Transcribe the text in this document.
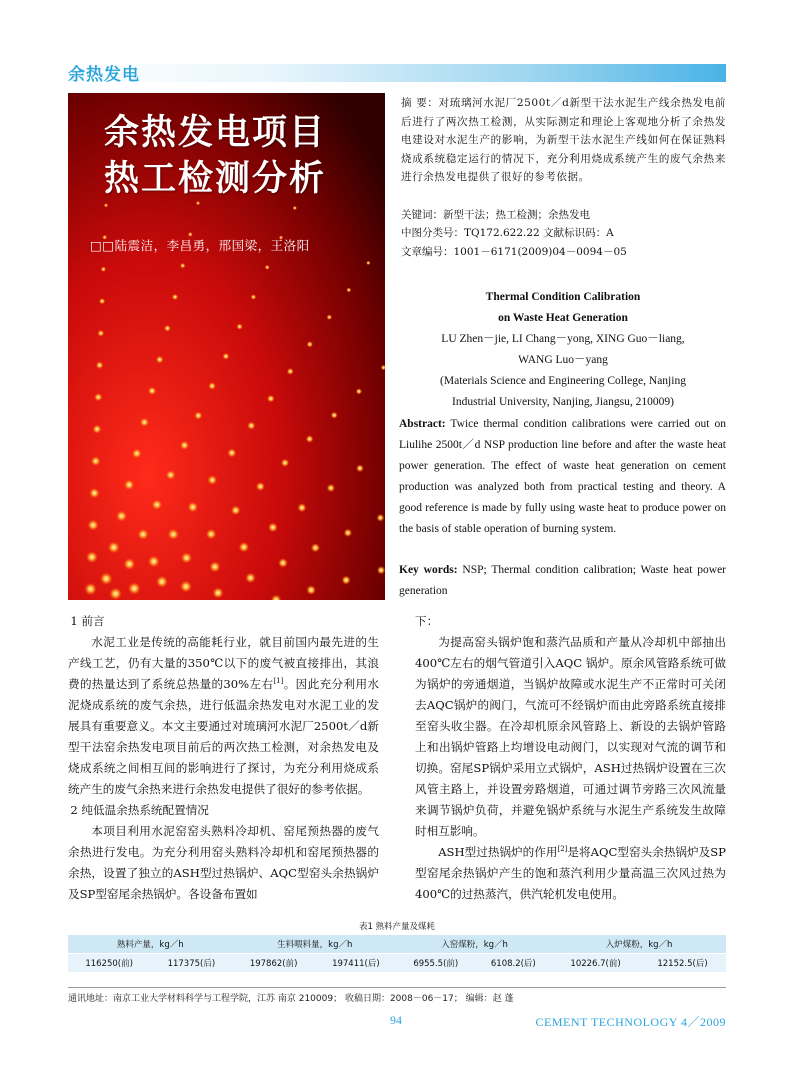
余热发电
余热发电项目
热工检测分析
□□陆震洁，李昌勇，邢国梁，王洛阳
摘 要：对琉璃河水泥厂2500t／d新型干法水泥生产线余热发电前后进行了两次热工检测，从实际测定和理论上客观地分析了余热发电建设对水泥生产的影响，为新型干法水泥生产线如何在保证熟料烧成系统稳定运行的情况下，充分利用烧成系统产生的废气余热来进行余热发电提供了很好的参考依据。
关键词：新型干法；热工检测；余热发电
中图分类号：TQ172.622.22 文献标识码：A
文章编号：1001－6171(2009)04－0094－05
Thermal Condition Calibration
on Waste Heat Generation
LU Zhen－jie, LI Chang－yong, XING Guo－liang,
WANG Luo－yang
(Materials Science and Engineering College, Nanjing
Industrial University, Nanjing, Jiangsu, 210009)
Abstract: Twice thermal condition calibrations were carried out on Liulihe 2500t／d NSP production line before and after the waste heat power generation. The effect of waste heat generation on cement production was analyzed both from practical testing and theory. A good reference is made by fully using waste heat to produce power on the basis of stable operation of burning system.
Key words: NSP; Thermal condition calibration; Waste heat power generation

1 前言

水泥工业是传统的高能耗行业，就目前国内最先进的生产线工艺，仍有大量的350℃以下的废气被直接排出，其浪费的热量达到了系统总热量的30%左右[1]。因此充分利用水泥烧成系统的废气余热，进行低温余热发电对水泥工业的发展具有重要意义。本文主要通过对琉璃河水泥厂2500t／d新型干法窑余热发电项目前后的两次热工检测，对余热发电及烧成系统之间相互间的影响进行了探讨，为充分利用烧成系统产生的废气余热来进行余热发电提供了很好的参考依据。

2 纯低温余热系统配置情况

本项目利用水泥窑窑头熟料冷却机、窑尾预热器的废气余热进行发电。为充分利用窑头熟料冷却机和窑尾预热器的余热，设置了独立的ASH型过热锅炉、AQC型窑头余热锅炉及SP型窑尾余热锅炉。各设备布置如

下：

为提高窑头锅炉饱和蒸汽品质和产量从冷却机中部抽出400℃左右的烟气管道引入AQC 锅炉。原余风管路系统可做为锅炉的旁通烟道，当锅炉故障或水泥生产不正常时可关闭去AQC锅炉的阀门，气流可不经锅炉而由此旁路系统直接排至窑头收尘器。在冷却机原余风管路上、新设的去锅炉管路上和出锅炉管路上均增设电动阀门，以实现对气流的调节和切换。窑尾SP锅炉采用立式锅炉，ASH过热锅炉设置在三次风管主路上，并设置旁路烟道，可通过调节旁路三次风流量来调节锅炉负荷，并避免锅炉系统与水泥生产系统发生故障时相互影响。

ASH型过热锅炉的作用[2]是将AQC型窑头余热锅炉及SP型窑尾余热锅炉产生的饱和蒸汽利用少量高温三次风过热为400℃的过热蒸汽，供汽轮机发电使用。

表1 熟料产量及煤耗
熟料产量，kg／h		生料喂料量，kg／h		入窑煤粉，kg／h		入炉煤粉，kg／h	
116250(前)	117375(后)	197862(前)	197411(后)	6955.5(前)	6108.2(后)	10226.7(前)	12152.5(后)
通讯地址：南京工业大学材料科学与工程学院，江苏 南京 210009； 收稿日期：2008－06－17； 编辑：赵 蓬
94	CEMENT TECHNOLOGY 4／2009
